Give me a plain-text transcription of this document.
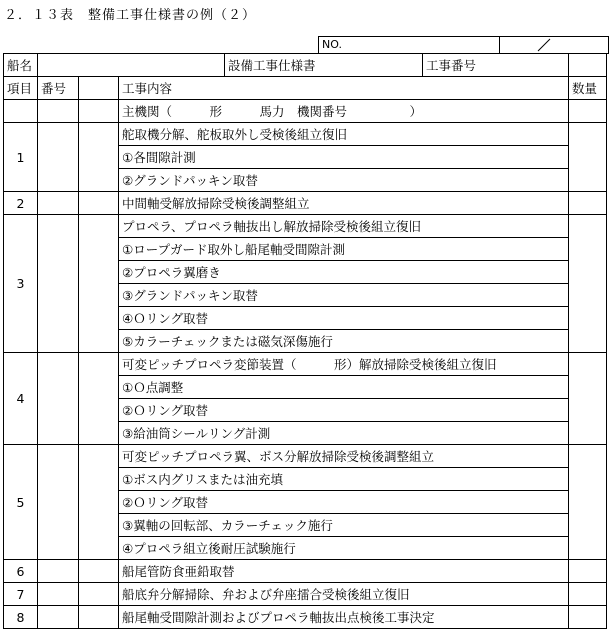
２．１３表　整備工事仕様書の例（２）
NO.
船名				設備工事仕様書	工事番号	
項目	番号		工事内容			数量
			主機関（　　　形　　　馬力　機関番号　　　　　）			
1			舵取機分解、舵板取外し受検後組立復旧			
			①各間隙計測			
			②グランドパッキン取替			
2			中間軸受解放掃除受検後調整組立			
3			プロペラ、プロペラ軸抜出し解放掃除受検後組立復旧			
			①ロープガード取外し船尾軸受間隙計測			
			②プロペラ翼磨き			
			③グランドパッキン取替			
			④Ｏリング取替			
			⑤カラーチェックまたは磁気深傷施行			
4			可変ピッチプロペラ変節装置（　　　形）解放掃除受検後組立復旧			
			①Ｏ点調整			
			②Ｏリング取替			
			③給油筒シールリング計測			
5			可変ピッチプロペラ翼、ボス分解放掃除受検後調整組立			
			①ボス内グリスまたは油充填			
			②Ｏリング取替			
			③翼軸の回転部、カラーチェック施行			
			④プロペラ組立後耐圧試験施行			
6			船尾管防食亜鉛取替			
7			船底弁分解掃除、弁および弁座擂合受検後組立復旧			
8			船尾軸受間隙計測およびプロペラ軸抜出点検後工事決定			
